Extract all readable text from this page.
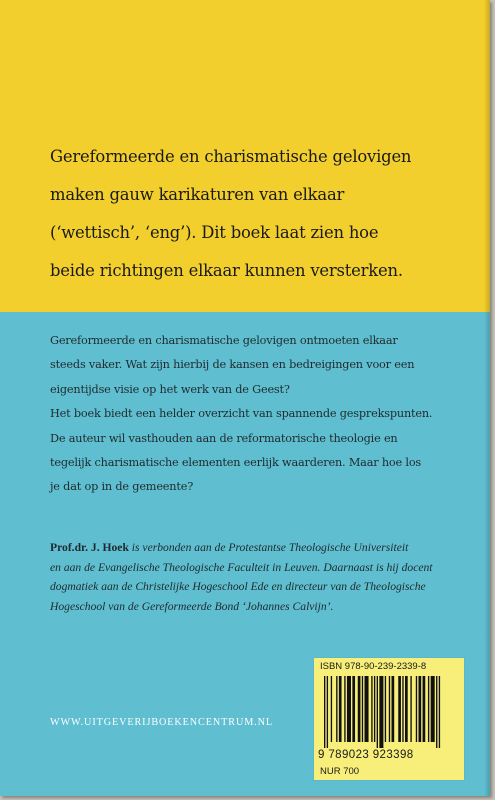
Gereformeerde en charismatische gelovigen
maken gauw karikaturen van elkaar
(‘wettisch’, ‘eng’). Dit boek laat zien hoe
beide richtingen elkaar kunnen versterken.

Gereformeerde en charismatische gelovigen ontmoeten elkaar
steeds vaker. Wat zijn hierbij de kansen en bedreigingen voor een
eigentijdse visie op het werk van de Geest?
Het boek biedt een helder overzicht van spannende gesprekspunten.
De auteur wil vasthouden aan de reformatorische theologie en
tegelijk charismatische elementen eerlijk waarderen. Maar hoe los
je dat op in de gemeente?

Prof.dr. J. Hoek is verbonden aan de Protestantse Theologische Universiteit
en aan de Evangelische Theologische Faculteit in Leuven. Daarnaast is hij docent
dogmatiek aan de Christelijke Hogeschool Ede en directeur van de Theologische
Hogeschool van de Gereformeerde Bond ‘Johannes Calvijn’.

WWW.UITGEVERIJBOEKENCENTRUM.NL

ISBN 978-90-239-2339-8

9 789023 923398

NUR 700
